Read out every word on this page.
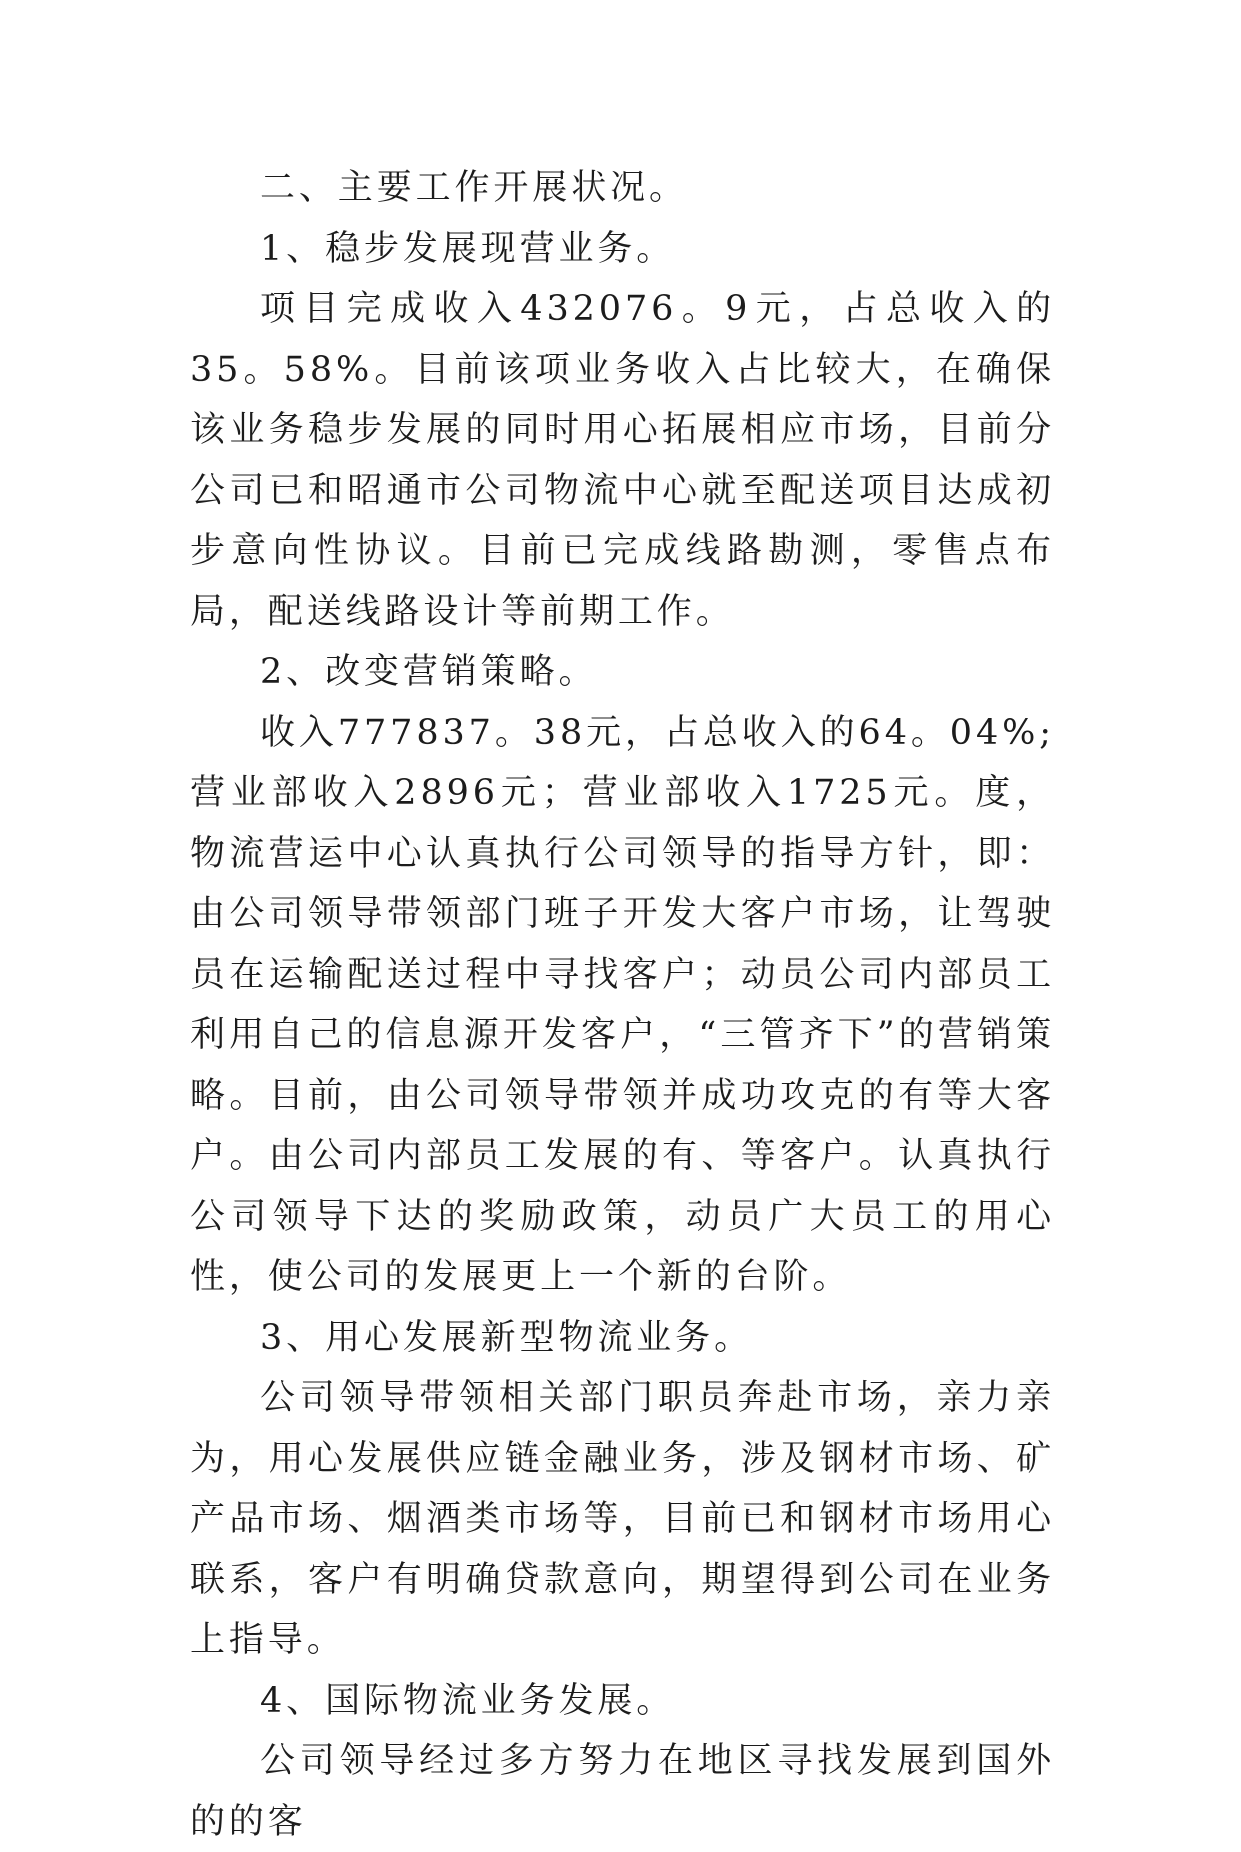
二、主要工作开展状况。

1、稳步发展现营业务。

项目完成收入432076。9元，占总收入的35。58%。目前该项业务收入占比较大，在确保该业务稳步发展的同时用心拓展相应市场，目前分公司已和昭通市公司物流中心就至配送项目达成初步意向性协议。目前已完成线路勘测，零售点布局，配送线路设计等前期工作。

2、改变营销策略。

收入777837。38元，占总收入的64。04%;营业部收入2896元；营业部收入1725元。度，物流营运中心认真执行公司领导的指导方针，即：由公司领导带领部门班子开发大客户市场，让驾驶员在运输配送过程中寻找客户；动员公司内部员工利用自己的信息源开发客户，“三管齐下”的营销策略。目前，由公司领导带领并成功攻克的有等大客户。由公司内部员工发展的有、等客户。认真执行公司领导下达的奖励政策，动员广大员工的用心性，使公司的发展更上一个新的台阶。

3、用心发展新型物流业务。

公司领导带领相关部门职员奔赴市场，亲力亲为，用心发展供应链金融业务，涉及钢材市场、矿产品市场、烟酒类市场等，目前已和钢材市场用心联系，客户有明确贷款意向，期望得到公司在业务上指导。

4、国际物流业务发展。

公司领导经过多方努力在地区寻找发展到国外的的客
